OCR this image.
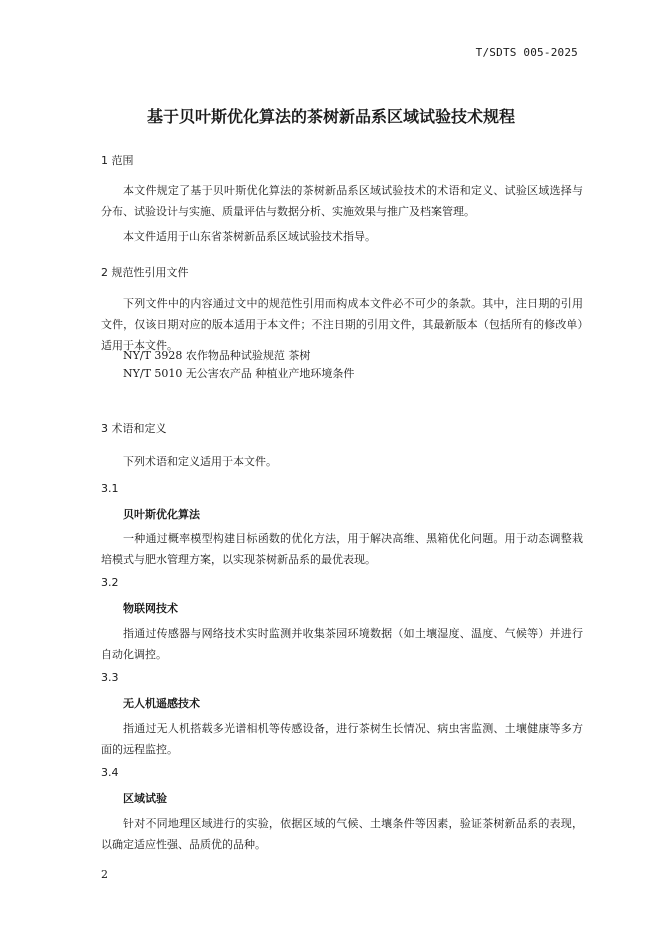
T/SDTS 005-2025
基于贝叶斯优化算法的茶树新品系区域试验技术规程
1 范围
本文件规定了基于贝叶斯优化算法的茶树新品系区域试验技术的术语和定义、试验区域选择与分布、试验设计与实施、质量评估与数据分析、实施效果与推广及档案管理。
本文件适用于山东省茶树新品系区域试验技术指导。
2 规范性引用文件
下列文件中的内容通过文中的规范性引用而构成本文件必不可少的条款。其中，注日期的引用文件，仅该日期对应的版本适用于本文件；不注日期的引用文件，其最新版本（包括所有的修改单）适用于本文件。
NY/T 3928 农作物品种试验规范 茶树
NY/T 5010 无公害农产品 种植业产地环境条件
3 术语和定义
下列术语和定义适用于本文件。
3.1
贝叶斯优化算法
一种通过概率模型构建目标函数的优化方法，用于解决高维、黑箱优化问题。用于动态调整栽培模式与肥水管理方案，以实现茶树新品系的最优表现。
3.2
物联网技术
指通过传感器与网络技术实时监测并收集茶园环境数据（如土壤湿度、温度、气候等）并进行自动化调控。
3.3
无人机遥感技术
指通过无人机搭载多光谱相机等传感设备，进行茶树生长情况、病虫害监测、土壤健康等多方面的远程监控。
3.4
区域试验
针对不同地理区域进行的实验，依据区域的气候、土壤条件等因素，验证茶树新品系的表现，以确定适应性强、品质优的品种。
2
